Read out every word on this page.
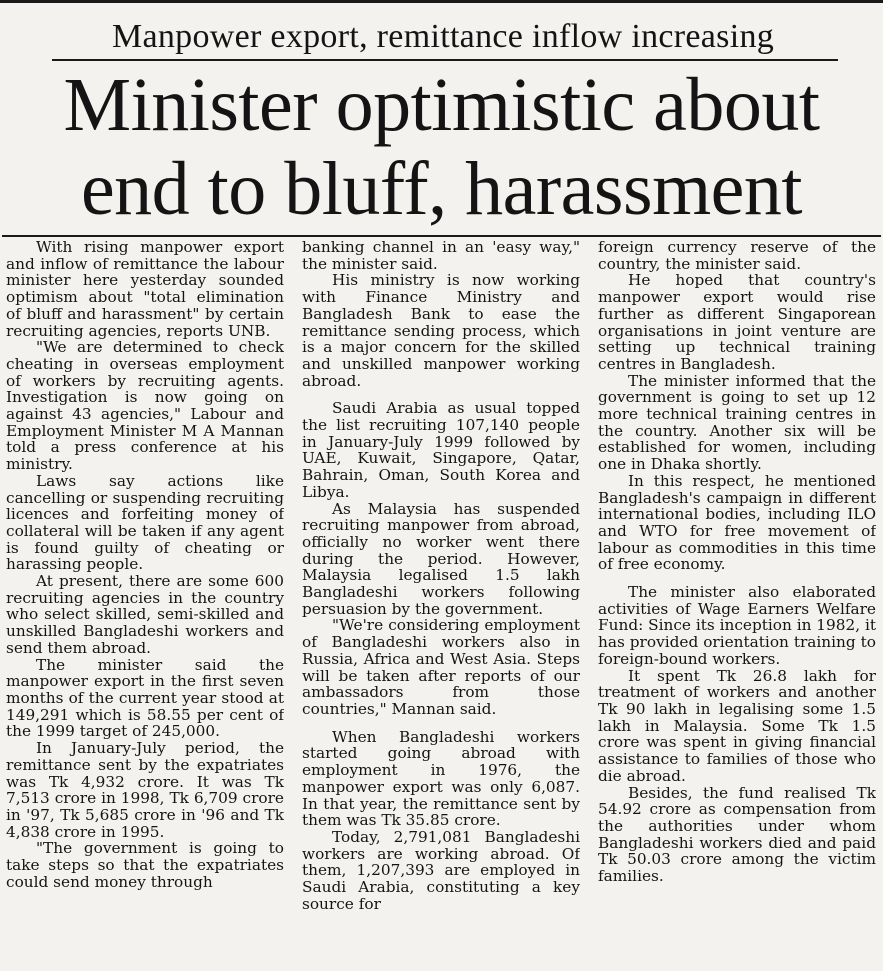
Manpower export, remittance inflow increasing
Minister optimistic about
end to bluff, harassment

With rising manpower export and inflow of remittance the labour minister here yesterday sounded optimism about "total elimination of bluff and harassment" by certain recruiting agencies, reports UNB.

"We are determined to check cheating in overseas employment of workers by recruiting agents. Investigation is now going on against 43 agencies," Labour and Employment Minister M A Mannan told a press conference at his ministry.

Laws say actions like cancelling or suspending recruiting licences and forfeiting money of collateral will be taken if any agent is found guilty of cheating or harassing people.

At present, there are some 600 recruiting agencies in the country who select skilled, semi-skilled and unskilled Bangladeshi workers and send them abroad.

The minister said the manpower export in the first seven months of the current year stood at 149,291 which is 58.55 per cent of the 1999 target of 245,000.

In January-July period, the remittance sent by the expatriates was Tk 4,932 crore. It was Tk 7,513 crore in 1998, Tk 6,709 crore in '97, Tk 5,685 crore in '96 and Tk 4,838 crore in 1995.

"The government is going to take steps so that the expatriates could send money through

banking channel in an 'easy way," the minister said.

His ministry is now working with Finance Ministry and Bangladesh Bank to ease the remittance sending process, which is a major concern for the skilled and unskilled manpower working abroad.

Saudi Arabia as usual topped the list recruiting 107,140 people in January-July 1999 followed by UAE, Kuwait, Singapore, Qatar, Bahrain, Oman, South Korea and Libya.

As Malaysia has suspended recruiting manpower from abroad, officially no worker went there during the period. However, Malaysia legalised 1.5 lakh Bangladeshi workers following persuasion by the government.

"We're considering employment of Bangladeshi workers also in Russia, Africa and West Asia. Steps will be taken after reports of our ambassadors from those countries," Mannan said.

When Bangladeshi workers started going abroad with employment in 1976, the manpower export was only 6,087. In that year, the remittance sent by them was Tk 35.85 crore.

Today, 2,791,081 Bangladeshi workers are working abroad. Of them, 1,207,393 are employed in Saudi Arabia, constituting a key source for

foreign currency reserve of the country, the minister said.

He hoped that country's manpower export would rise further as different Singaporean organisations in joint venture are setting up technical training centres in Bangladesh.

The minister informed that the government is going to set up 12 more technical training centres in the country. Another six will be established for women, including one in Dhaka shortly.

In this respect, he mentioned Bangladesh's campaign in different international bodies, including ILO and WTO for free movement of labour as commodities in this time of free economy.

The minister also elaborated activities of Wage Earners Welfare Fund: Since its inception in 1982, it has provided orientation training to foreign-bound workers.

It spent Tk 26.8 lakh for treatment of workers and another Tk 90 lakh in legalising some 1.5 lakh in Malaysia. Some Tk 1.5 crore was spent in giving financial assistance to families of those who die abroad.

Besides, the fund realised Tk 54.92 crore as compensation from the authorities under whom Bangladeshi workers died and paid Tk 50.03 crore among the victim families.
